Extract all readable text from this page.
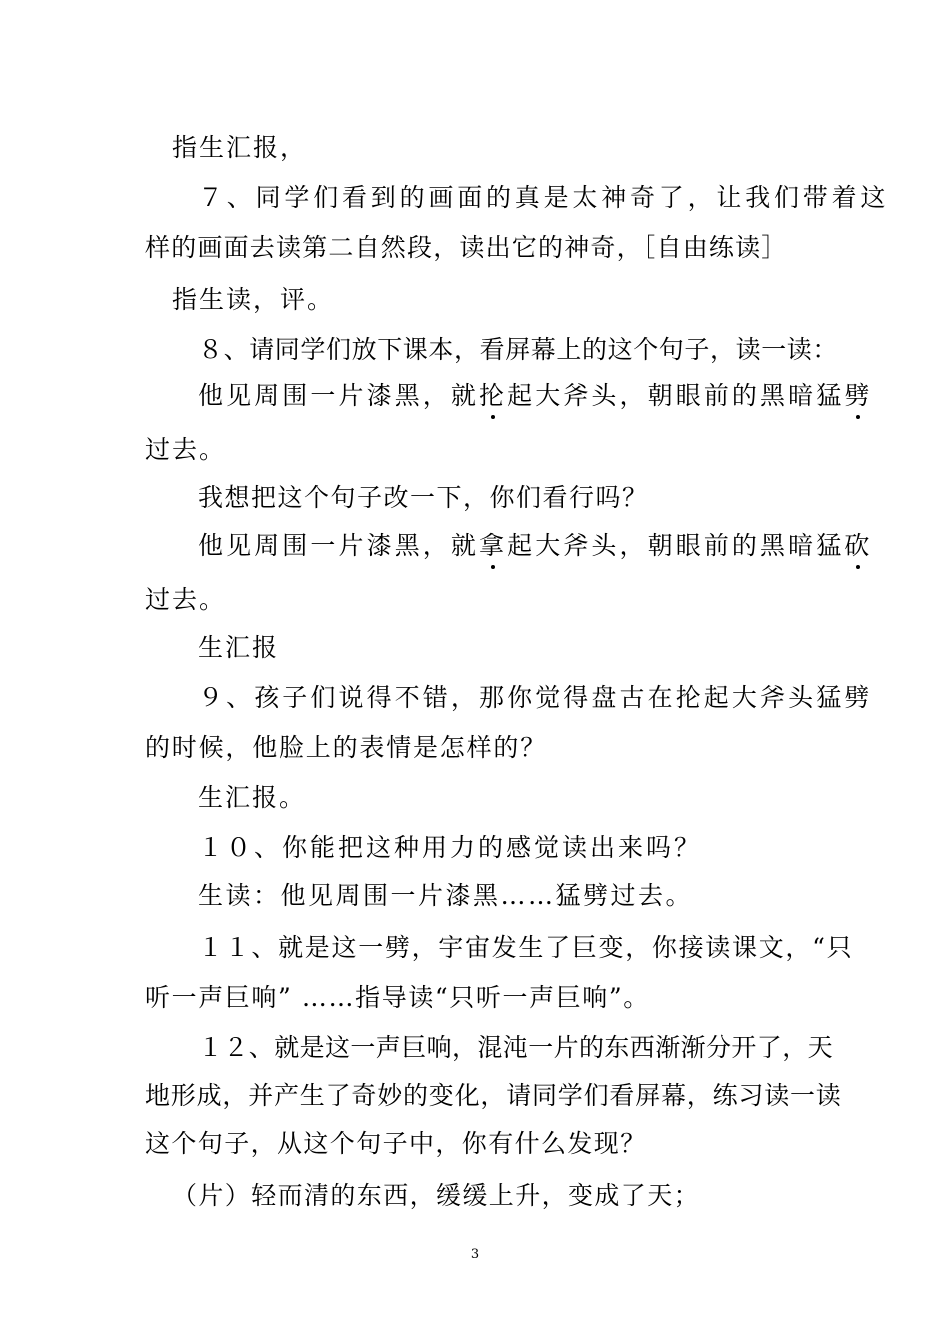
指生汇报，
７、同学们看到的画面的真是太神奇了，让我们带着这
样的画面去读第二自然段，读出它的神奇，［自由练读］
指生读，评。
８、请同学们放下课本，看屏幕上的这个句子，读一读：
他见周围一片漆黑，就抡起大斧头，朝眼前的黑暗猛劈
过去。
我想把这个句子改一下，你们看行吗？
他见周围一片漆黑，就拿起大斧头，朝眼前的黑暗猛砍
过去。
生汇报
９、孩子们说得不错，那你觉得盘古在抡起大斧头猛劈
的时候，他脸上的表情是怎样的？
生汇报。
１０、你能把这种用力的感觉读出来吗？
生读：他见周围一片漆黑……猛劈过去。
１１、就是这一劈，宇宙发生了巨变，你接读课文，“只
听一声巨响” ……指导读“只听一声巨响”。
１２、就是这一声巨响，混沌一片的东西渐渐分开了，天
地形成，并产生了奇妙的变化，请同学们看屏幕，练习读一读
这个句子，从这个句子中，你有什么发现？
（片）轻而清的东西，缓缓上升，变成了天；
3
